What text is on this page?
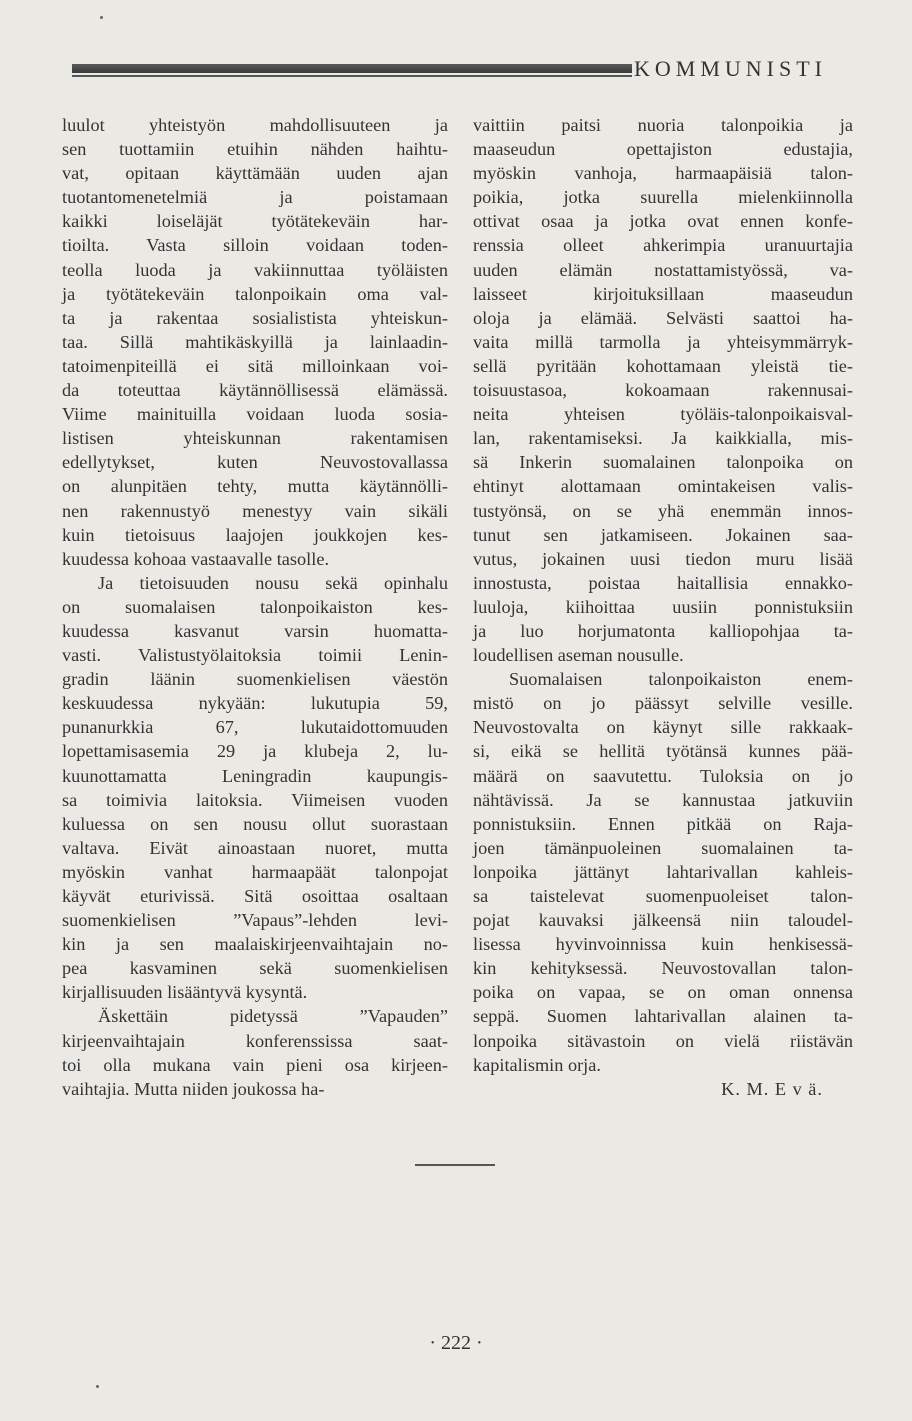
KOMMUNISTI
luulot yhteistyön mahdollisuuteen ja
sen tuottamiin etuihin nähden haihtu-
vat, opitaan käyttämään uuden ajan
tuotantomenetelmiä ja poistamaan
kaikki loiseläjät työtätekeväin har-
tioilta. Vasta silloin voidaan toden-
teolla luoda ja vakiinnuttaa työläisten
ja työtätekeväin talonpoikain oma val-
ta ja rakentaa sosialistista yhteiskun-
taa. Sillä mahtikäskyillä ja lainlaadin-
tatoimenpiteillä ei sitä milloinkaan voi-
da toteuttaa käytännöllisessä elämässä.
Viime mainituilla voidaan luoda sosia-
listisen yhteiskunnan rakentamisen
edellytykset, kuten Neuvostovallassa
on alunpitäen tehty, mutta käytännölli-
nen rakennustyö menestyy vain sikäli
kuin tietoisuus laajojen joukkojen kes-
kuudessa kohoaa vastaavalle tasolle.
Ja tietoisuuden nousu sekä opinhalu
on suomalaisen talonpoikaiston kes-
kuudessa kasvanut varsin huomatta-
vasti. Valistustyölaitoksia toimii Lenin-
gradin läänin suomenkielisen väestön
keskuudessa nykyään: lukutupia 59,
punanurkkia 67, lukutaidottomuuden
lopettamisasemia 29 ja klubeja 2, lu-
kuunottamatta Leningradin kaupungis-
sa toimivia laitoksia. Viimeisen vuoden
kuluessa on sen nousu ollut suorastaan
valtava. Eivät ainoastaan nuoret, mutta
myöskin vanhat harmaapäät talonpojat
käyvät eturivissä. Sitä osoittaa osaltaan
suomenkielisen ”Vapaus”-lehden levi-
kin ja sen maalaiskirjeenvaihtajain no-
pea kasvaminen sekä suomenkielisen
kirjallisuuden lisääntyvä kysyntä.
Äskettäin pidetyssä ”Vapauden”
kirjeenvaihtajain konferenssissa saat-
toi olla mukana vain pieni osa kirjeen-
vaihtajia. Mutta niiden joukossa ha-
vaittiin paitsi nuoria talonpoikia ja
maaseudun opettajiston edustajia,
myöskin vanhoja, harmaapäisiä talon-
poikia, jotka suurella mielenkiinnolla
ottivat osaa ja jotka ovat ennen konfe-
renssia olleet ahkerimpia uranuurtajia
uuden elämän nostattamistyössä, va-
laisseet kirjoituksillaan maaseudun
oloja ja elämää. Selvästi saattoi ha-
vaita millä tarmolla ja yhteisymmärryk-
sellä pyritään kohottamaan yleistä tie-
toisuustasoa, kokoamaan rakennusai-
neita yhteisen työläis-talonpoikaisval-
lan, rakentamiseksi. Ja kaikkialla, mis-
sä Inkerin suomalainen talonpoika on
ehtinyt alottamaan omintakeisen valis-
tustyönsä, on se yhä enemmän innos-
tunut sen jatkamiseen. Jokainen saa-
vutus, jokainen uusi tiedon muru lisää
innostusta, poistaa haitallisia ennakko-
luuloja, kiihoittaa uusiin ponnistuksiin
ja luo horjumatonta kalliopohjaa ta-
loudellisen aseman nousulle.
Suomalaisen talonpoikaiston enem-
mistö on jo päässyt selville vesille.
Neuvostovalta on käynyt sille rakkaak-
si, eikä se hellitä työtänsä kunnes pää-
määrä on saavutettu. Tuloksia on jo
nähtävissä. Ja se kannustaa jatkuviin
ponnistuksiin. Ennen pitkää on Raja-
joen tämänpuoleinen suomalainen ta-
lonpoika jättänyt lahtarivallan kahleis-
sa taistelevat suomenpuoleiset talon-
pojat kauvaksi jälkeensä niin taloudel-
lisessa hyvinvoinnissa kuin henkisessä-
kin kehityksessä. Neuvostovallan talon-
poika on vapaa, se on oman onnensa
seppä. Suomen lahtarivallan alainen ta-
lonpoika sitävastoin on vielä riistävän
kapitalismin orja.
K. M. E v ä.
· 222 ·
